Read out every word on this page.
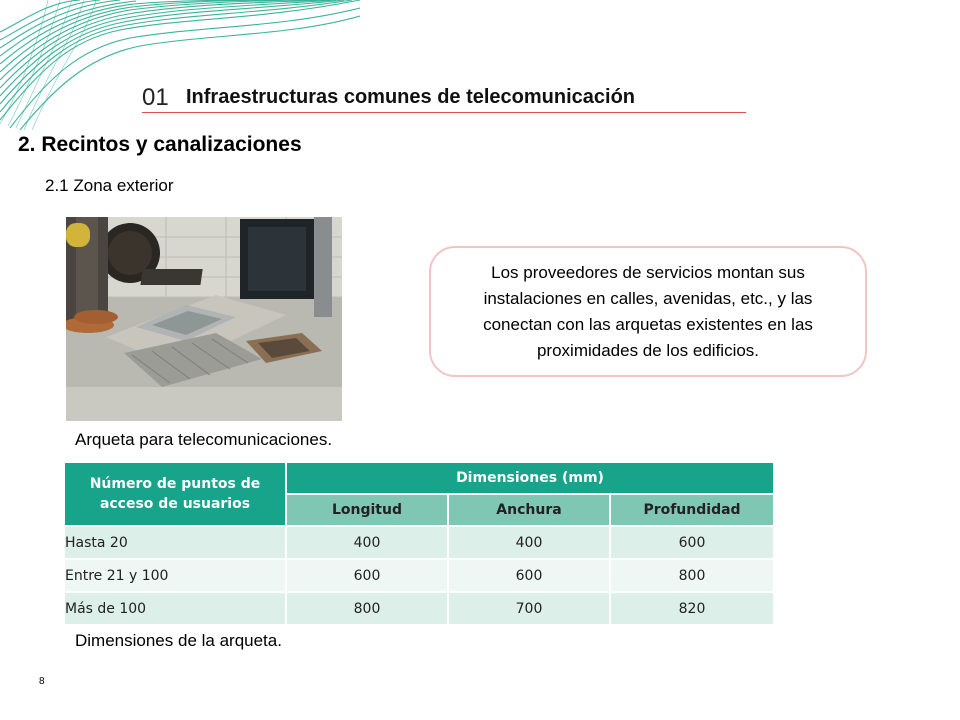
01 Infraestructuras comunes de telecomunicación
2. Recintos y canalizaciones
2.1 Zona exterior
Arqueta para telecomunicaciones.
Los proveedores de servicios montan sus instalaciones en calles, avenidas, etc., y las conectan con las arquetas existentes en las proximidades de los edificios.
Número de puntos de acceso de usuarios	Dimensiones (mm)		
	Longitud	Anchura	Profundidad
Hasta 20	400	400	600
Entre 21 y 100	600	600	800
Más de 100	800	700	820
Dimensiones de la arqueta.
8
